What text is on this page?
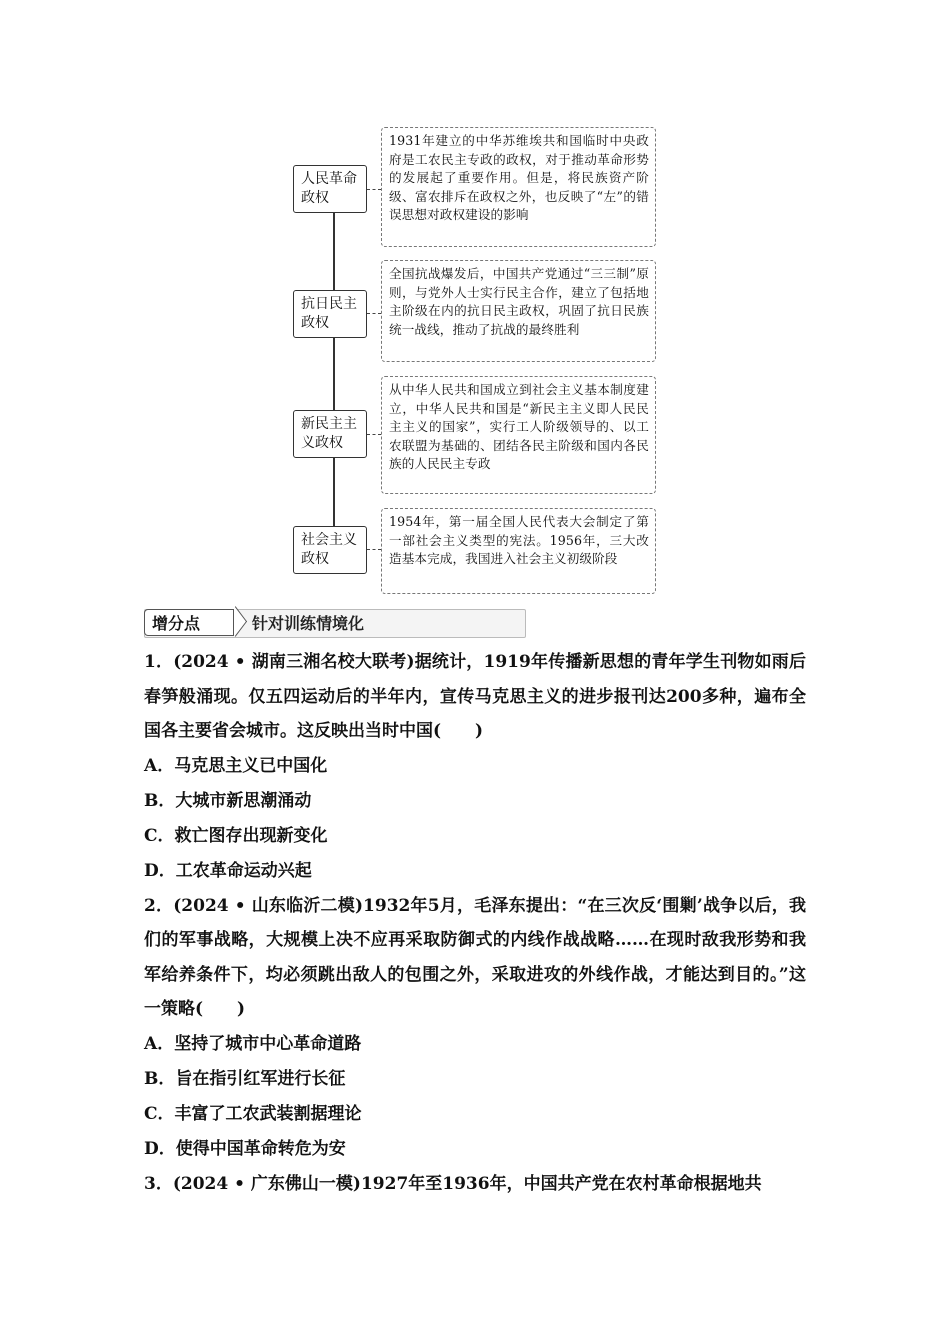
人民革命
政权
1931年建立的中华苏维埃共和国临时中央政府是工农民主专政的政权，对于推动革命形势的发展起了重要作用。但是，将民族资产阶级、富农排斥在政权之外，也反映了“左”的错误思想对政权建设的影响
抗日民主
政权
全国抗战爆发后，中国共产党通过“三三制”原则，与党外人士实行民主合作，建立了包括地主阶级在内的抗日民主政权，巩固了抗日民族统一战线，推动了抗战的最终胜利
新民主主
义政权
从中华人民共和国成立到社会主义基本制度建立，中华人民共和国是“新民主主义即人民民主主义的国家”，实行工人阶级领导的、以工农联盟为基础的、团结各民主阶级和国内各民族的人民民主专政
社会主义
政权
1954年，第一届全国人民代表大会制定了第一部社会主义类型的宪法。1956年，三大改造基本完成，我国进入社会主义初级阶段
增分点	针对训练情境化
1．(2024 • 湖南三湘名校大联考)据统计，1919年传播新思想的青年学生刊物如雨后春笋般涌现。仅五四运动后的半年内，宣传马克思主义的进步报刊达200多种，遍布全国各主要省会城市。这反映出当时中国(　　)
A．马克思主义已中国化
B．大城市新思潮涌动
C．救亡图存出现新变化
D．工农革命运动兴起
2．(2024 • 山东临沂二模)1932年5月，毛泽东提出：“在三次反‘围剿’战争以后，我们的军事战略，大规模上决不应再采取防御式的内线作战战略……在现时敌我形势和我军给养条件下，均必须跳出敌人的包围之外，采取进攻的外线作战，才能达到目的。”这一策略(　　)
A．坚持了城市中心革命道路
B．旨在指引红军进行长征
C．丰富了工农武装割据理论
D．使得中国革命转危为安
3．(2024 • 广东佛山一模)1927年至1936年，中国共产党在农村革命根据地共
